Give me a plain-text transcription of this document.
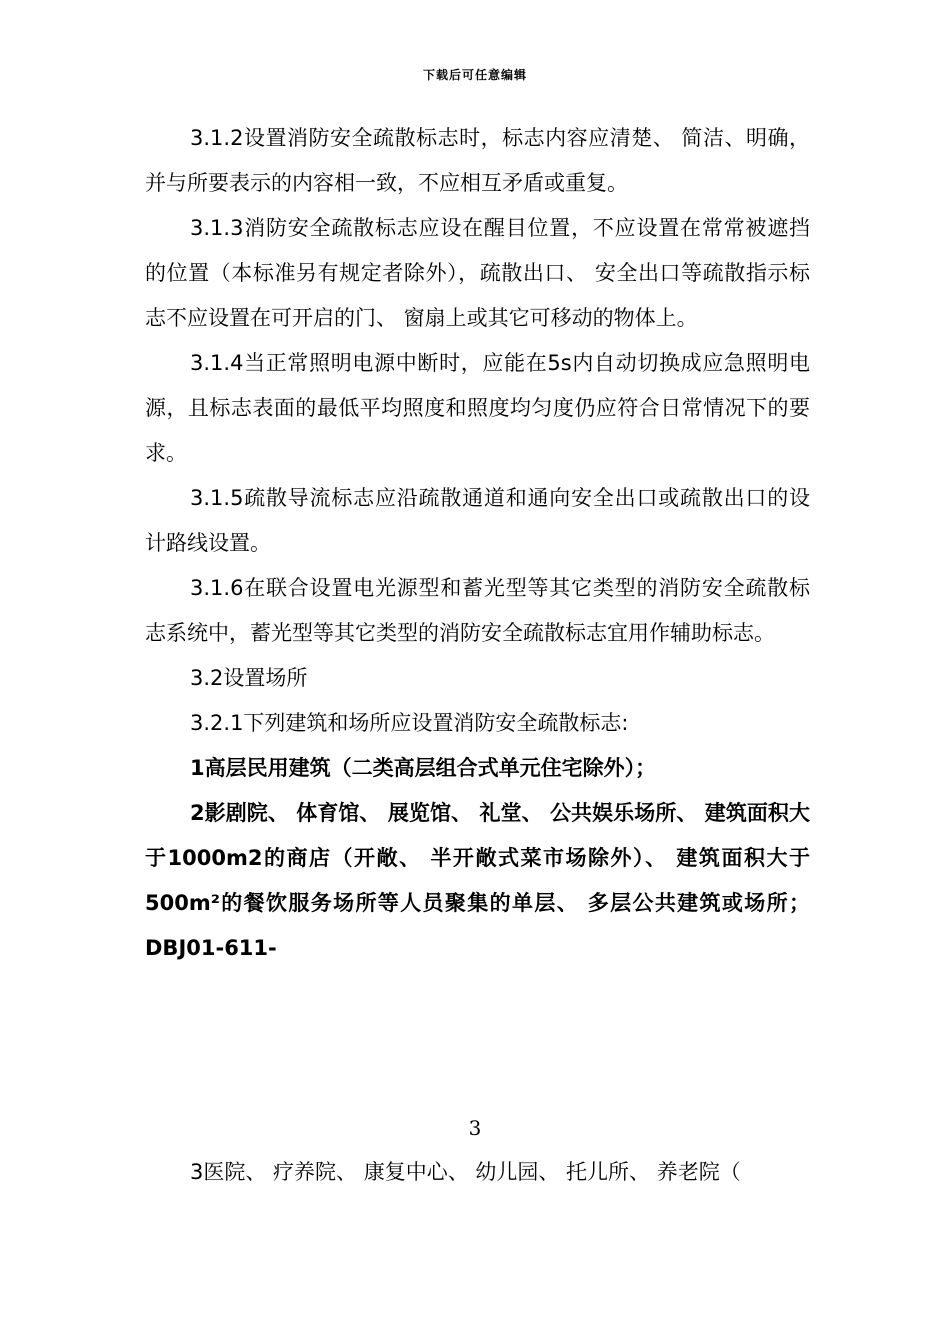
下载后可任意编辑

3.1.2设置消防安全疏散标志时，标志内容应清楚、 简洁、明确，并与所要表示的内容相一致，不应相互矛盾或重复。

3.1.3消防安全疏散标志应设在醒目位置，不应设置在常常被遮挡的位置（本标准另有规定者除外），疏散出口、 安全出口等疏散指示标志不应设置在可开启的门、 窗扇上或其它可移动的物体上。

3.1.4当正常照明电源中断时，应能在5s内自动切换成应急照明电源，且标志表面的最低平均照度和照度均匀度仍应符合日常情况下的要求。

3.1.5疏散导流标志应沿疏散通道和通向安全出口或疏散出口的设计路线设置。

3.1.6在联合设置电光源型和蓄光型等其它类型的消防安全疏散标志系统中，蓄光型等其它类型的消防安全疏散标志宜用作辅助标志。

3.2设置场所

3.2.1下列建筑和场所应设置消防安全疏散标志:

1高层民用建筑（二类高层组合式单元住宅除外）；

2影剧院、 体育馆、 展览馆、 礼堂、 公共娱乐场所、 建筑面积大于1000m2的商店（开敞、 半开敞式菜市场除外）、 建筑面积大于500m²的餐饮服务场所等人员聚集的单层、 多层公共建筑或场所；DBJ01-611-

3

3医院、 疗养院、 康复中心、 幼儿园、 托儿所、 养老院（
